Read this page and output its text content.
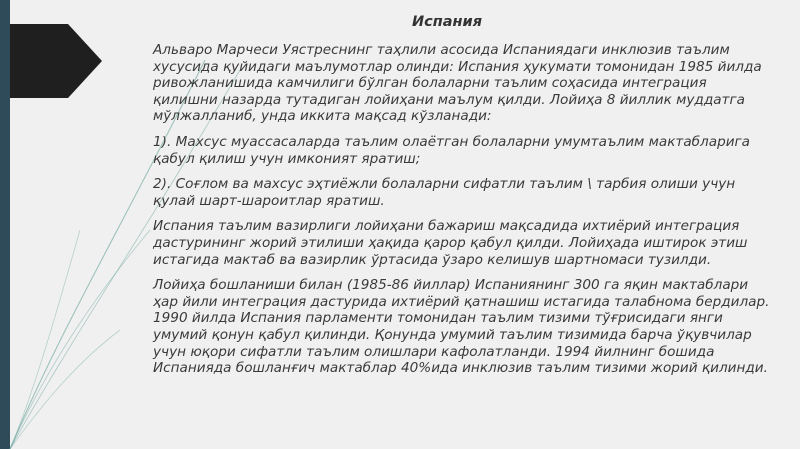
Испания
Альваро Марчеси Уястреснинг таҳлили асосида Испаниядаги инклюзив таълим хусусида қуйидаги маълумотлар олинди: Испания ҳукумати томонидан 1985 йилда ривожланишида камчилиги бўлган болаларни таълим соҳасида интеграция қилишни назарда тутадиган лойиҳани маълум қилди. Лойиҳа 8 йиллик муддатга мўлжалланиб, унда иккита мақсад кўзланади:
1). Махсус муассасаларда таълим олаётган болаларни умумтаълим мактабларига қабул қилиш учун имконият яратиш;
2). Соғлом ва махсус эҳтиёжли болаларни сифатли таълим \ тарбия олиши учун қулай шарт-шароитлар яратиш.
Испания таълим вазирлиги лойиҳани бажариш мақсадида ихтиёрий интеграция дастурининг жорий этилиши ҳақида қарор қабул қилди. Лойиҳада иштирок этиш истагида мактаб ва вазирлик ўртасида ўзаро келишув шартномаси тузилди.
Лойиҳа бошланиши билан (1985-86 йиллар) Испаниянинг 300 га яқин мактаблари ҳар йили интеграция дастурида ихтиёрий қатнашиш истагида талабнома бердилар. 1990 йилда Испания парламенти томонидан таълим тизими тўғрисидаги янги умумий қонун қабул қилинди. Қонунда умумий таълим тизимида барча ўқувчилар учун юқори сифатли таълим олишлари кафолатланди. 1994 йилнинг бошида Испанияда бошланғич мактаблар 40%ида инклюзив таълим тизими жорий қилинди.
